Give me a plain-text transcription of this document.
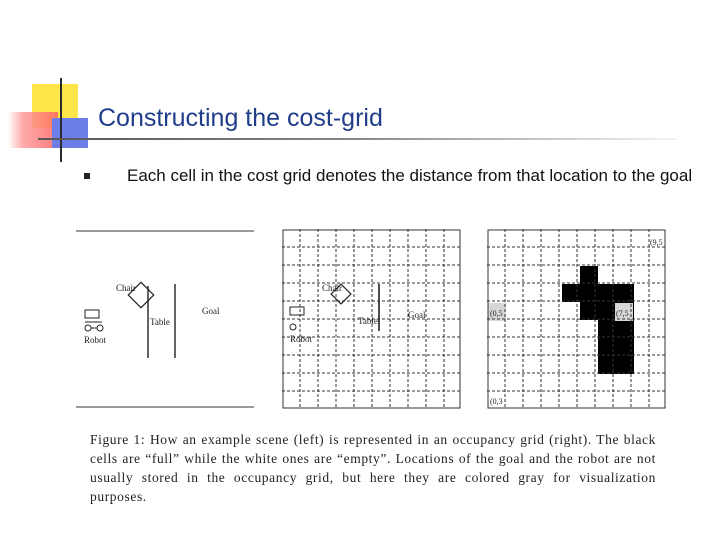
Constructing the cost-grid
Each cell in the cost grid denotes the distance from that location to the goal
Chair
Table
Goal
Robot
Chair
Table
Goal
Robot
(9,5
(0,5	(7,5
(0,3
Figure 1: How an example scene (left) is represented in an occupancy grid (right). The black cells are “full” while the white ones are “empty”. Locations of the goal and the robot are not usually stored in the occupancy grid, but here they are colored gray for visualization purposes.
